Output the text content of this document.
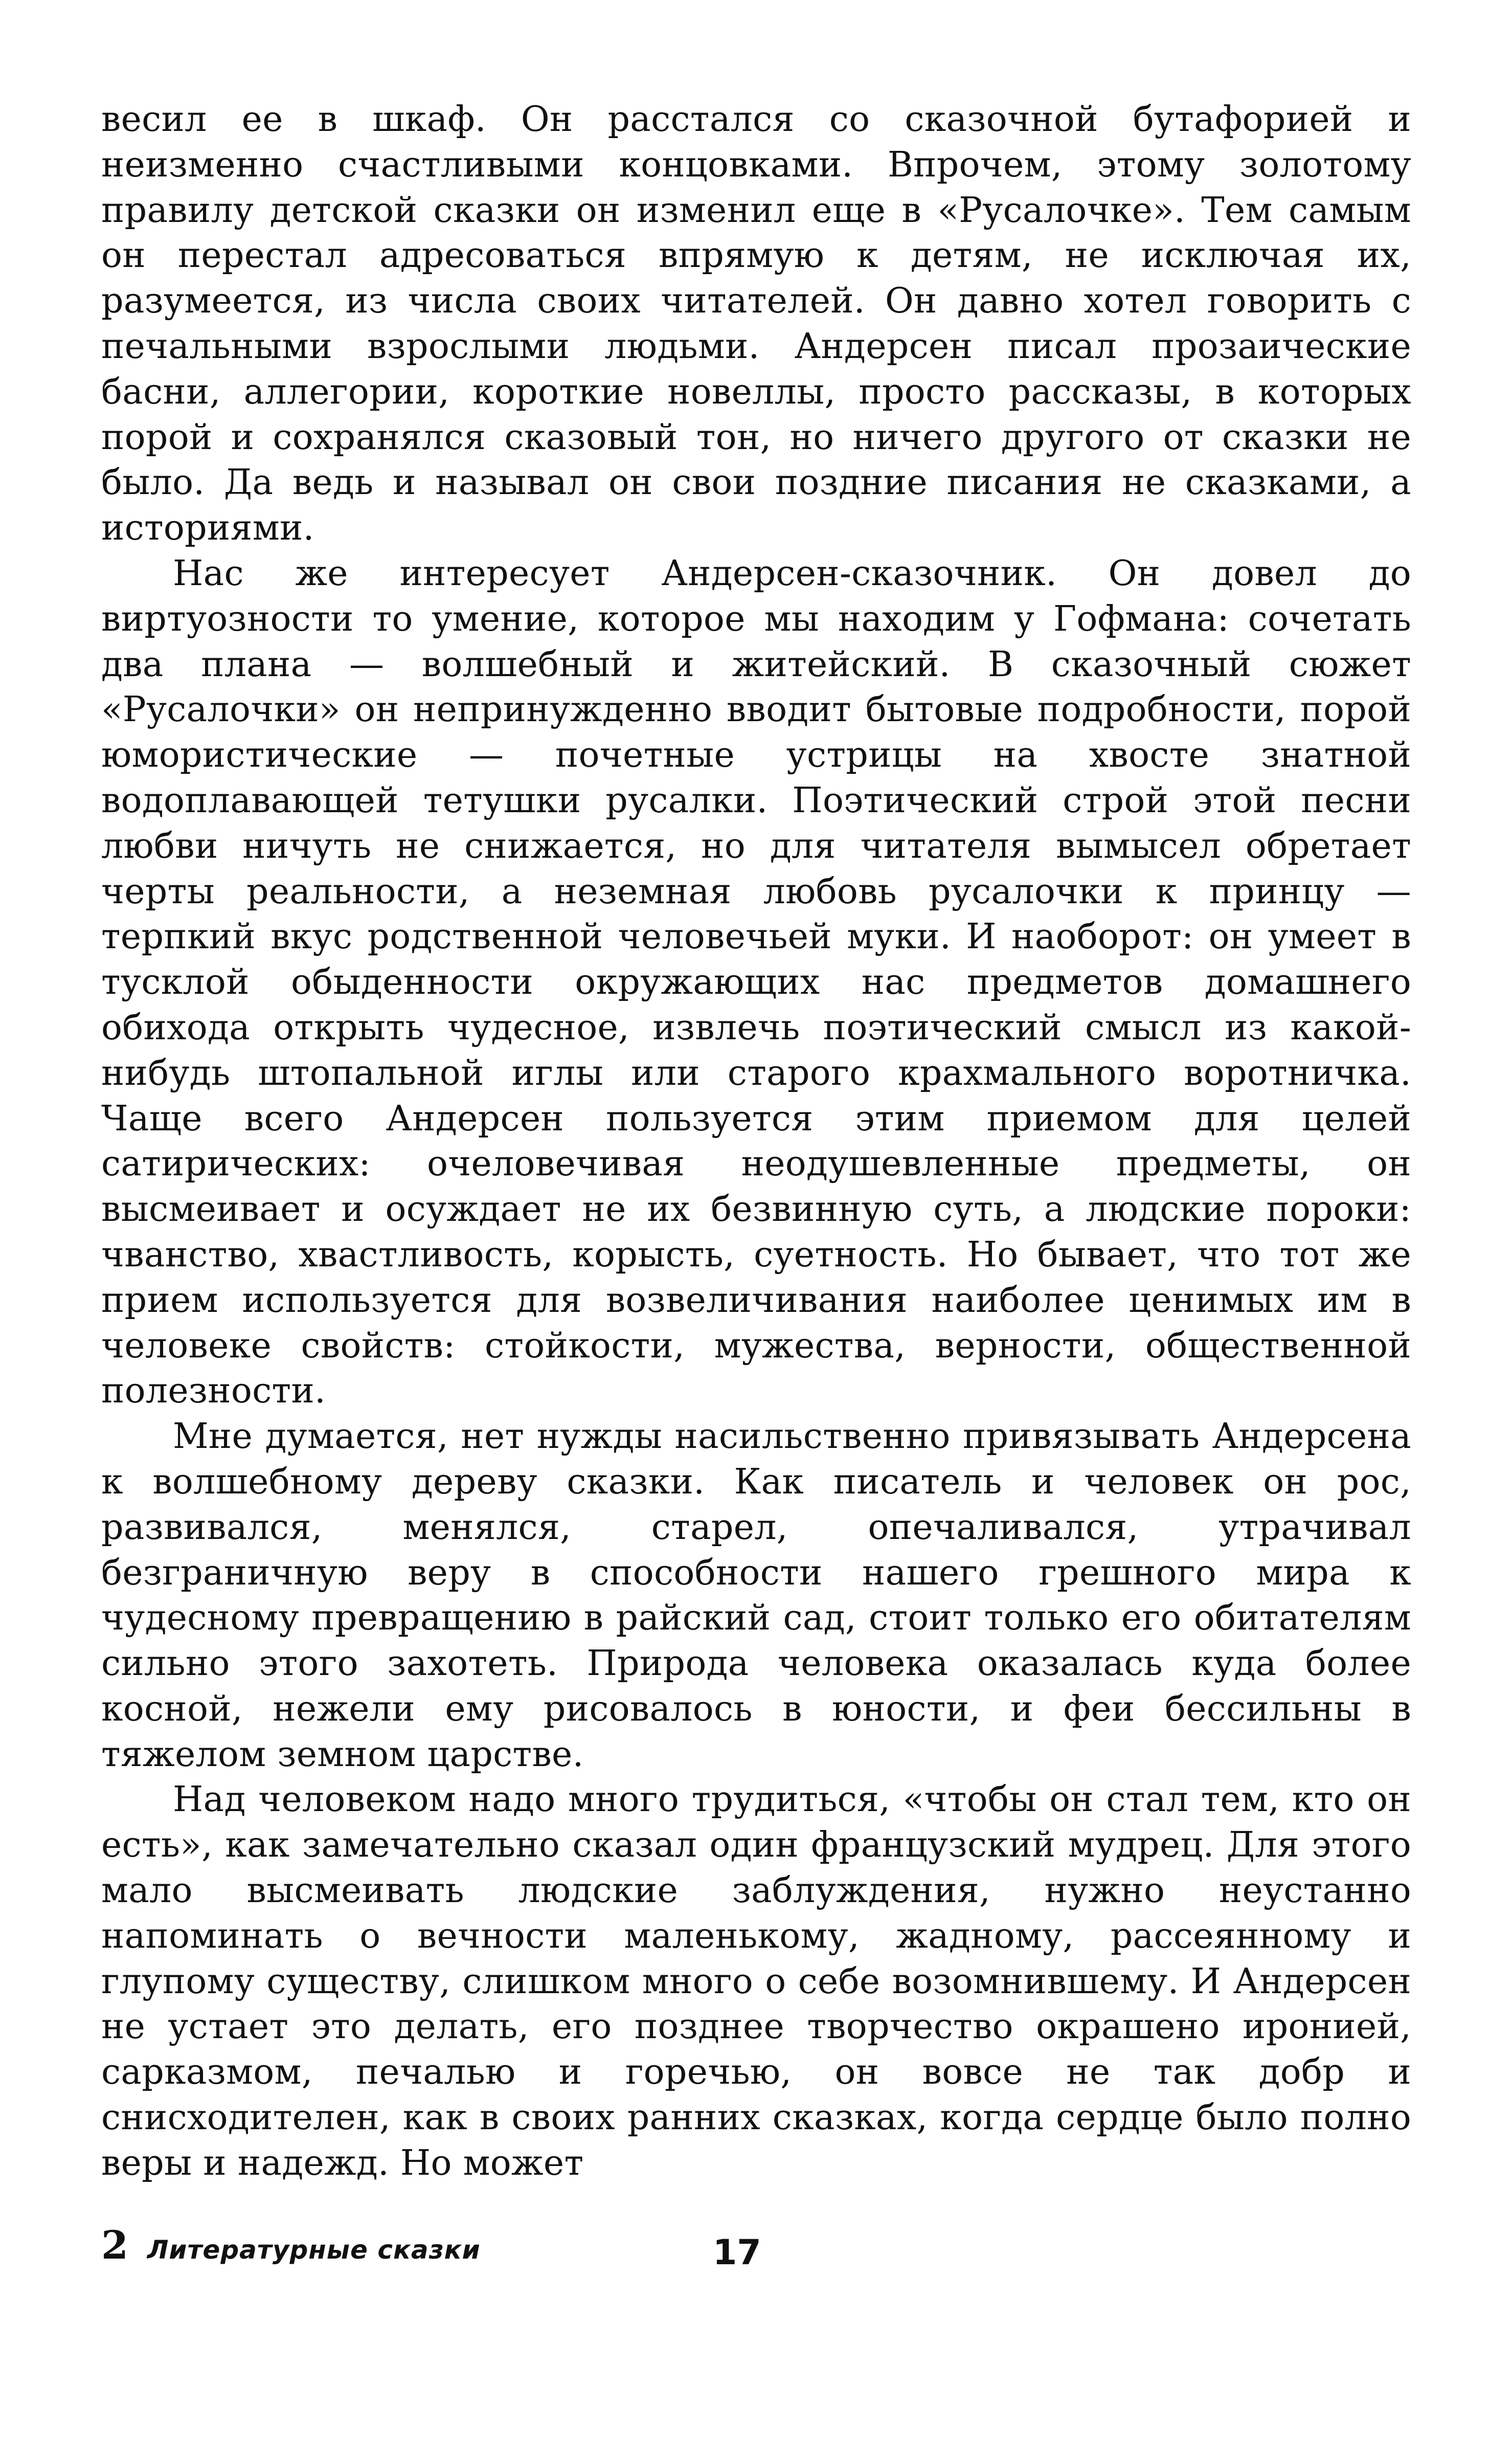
весил ее в шкаф. Он расстался со сказочной бутафорией и неизменно счастливыми концовками. Впрочем, этому золотому правилу детской сказки он изменил еще в «Русалочке». Тем самым он перестал адресоваться впрямую к детям, не исключая их, разумеется, из числа своих читателей. Он давно хотел говорить с печальными взрослыми людьми. Андерсен писал прозаические басни, аллегории, короткие новеллы, просто рассказы, в которых порой и сохранялся сказовый тон, но ничего другого от сказки не было. Да ведь и называл он свои поздние писания не сказками, а историями.

Нас же интересует Андерсен-сказочник. Он довел до виртуозности то умение, которое мы находим у Гофмана: сочетать два плана — волшебный и житейский. В сказочный сюжет «Русалочки» он непринужденно вводит бытовые подробности, порой юмористические — почетные устрицы на хвосте знатной водоплавающей тетушки русалки. Поэтический строй этой песни любви ничуть не снижается, но для читателя вымысел обретает черты реальности, а неземная любовь русалочки к принцу — терпкий вкус родственной человечьей муки. И наоборот: он умеет в тусклой обыденности окружающих нас предметов домашнего обихода открыть чудесное, извлечь поэтический смысл из какой-нибудь штопальной иглы или старого крахмального воротничка. Чаще всего Андерсен пользуется этим приемом для целей сатирических: очеловечивая неодушевленные предметы, он высмеивает и осуждает не их безвинную суть, а людские пороки: чванство, хвастливость, корысть, суетность. Но бывает, что тот же прием используется для возвеличивания наиболее ценимых им в человеке свойств: стойкости, мужества, верности, общественной полезности.

Мне думается, нет нужды насильственно привязывать Андерсена к волшебному дереву сказки. Как писатель и человек он рос, развивался, менялся, старел, опечаливался, утрачивал безграничную веру в способности нашего грешного мира к чудесному превращению в райский сад, стоит только его обитателям сильно этого захотеть. Природа человека оказалась куда более косной, нежели ему рисовалось в юности, и феи бессильны в тяжелом земном царстве.

Над человеком надо много трудиться, «чтобы он стал тем, кто он есть», как замечательно сказал один французский мудрец. Для этого мало высмеивать людские заблуждения, нужно неустанно напоминать о вечности маленькому, жадному, рассеянному и глупому существу, слишком много о себе возомнившему. И Андерсен не устает это делать, его позднее творчество окрашено иронией, сарказмом, печалью и горечью, он вовсе не так добр и снисходителен, как в своих ранних сказках, когда сердце было полно веры и надежд. Но может

2 Литературные сказки	17
